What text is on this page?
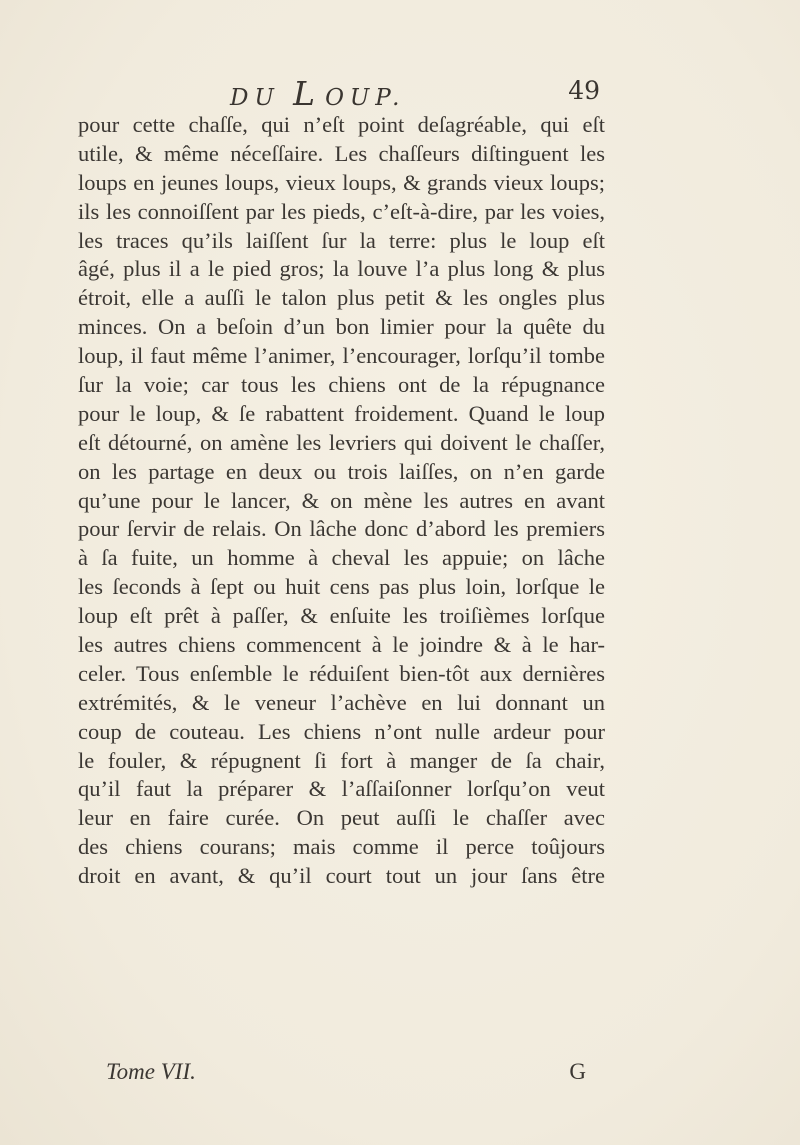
DU LOUP.	49
pour cette chaſſe, qui n’eſt point deſagréable, qui eſt
utile, & même néceſſaire. Les chaſſeurs diſtinguent les
loups en jeunes loups, vieux loups, & grands vieux loups;
ils les connoiſſent par les pieds, c’eſt-à-dire, par les voies,
les traces qu’ils laiſſent ſur la terre: plus le loup eſt
âgé, plus il a le pied gros; la louve l’a plus long & plus
étroit, elle a auſſi le talon plus petit & les ongles plus
minces. On a beſoin d’un bon limier pour la quête du
loup, il faut même l’animer, l’encourager, lorſqu’il tombe
ſur la voie; car tous les chiens ont de la répugnance
pour le loup, & ſe rabattent froidement. Quand le loup
eſt détourné, on amène les levriers qui doivent le chaſſer,
on les partage en deux ou trois laiſſes, on n’en garde
qu’une pour le lancer, & on mène les autres en avant
pour ſervir de relais. On lâche donc d’abord les premiers
à ſa fuite, un homme à cheval les appuie; on lâche
les ſeconds à ſept ou huit cens pas plus loin, lorſque le
loup eſt prêt à paſſer, & enſuite les troiſièmes lorſque
les autres chiens commencent à le joindre & à le har-
celer. Tous enſemble le réduiſent bien-tôt aux dernières
extrémités, & le veneur l’achève en lui donnant un
coup de couteau. Les chiens n’ont nulle ardeur pour
le fouler, & répugnent ſi fort à manger de ſa chair,
qu’il faut la préparer & l’aſſaiſonner lorſqu’on veut
leur en faire curée. On peut auſſi le chaſſer avec
des chiens courans; mais comme il perce toûjours
droit en avant, & qu’il court tout un jour ſans être
Tome VII.	G
